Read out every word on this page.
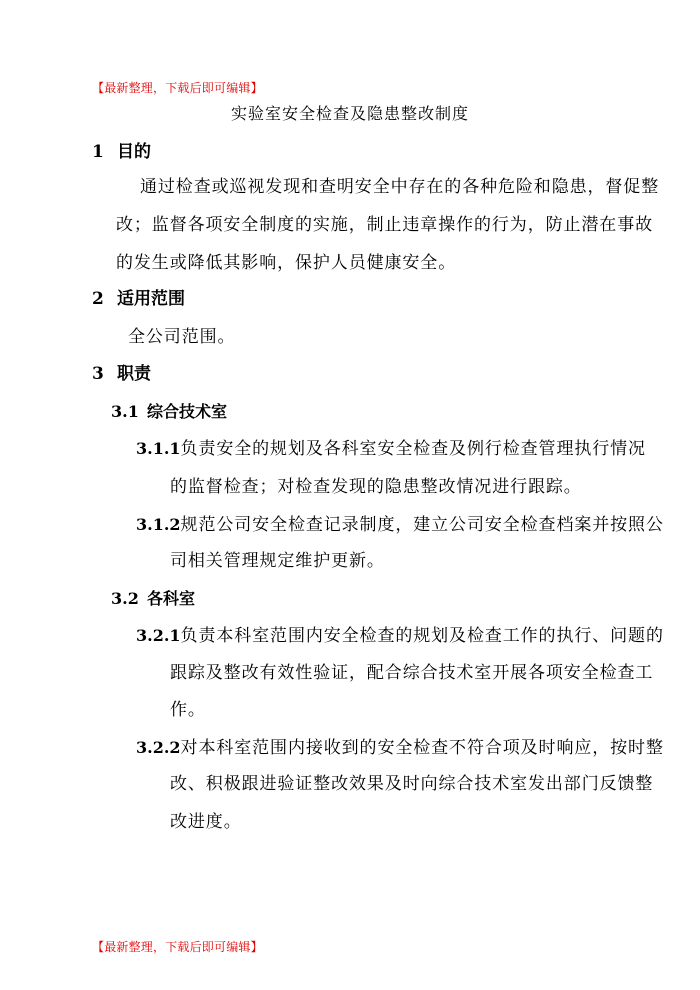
【最新整理，下载后即可编辑】
实验室安全检查及隐患整改制度
1 目的
通过检查或巡视发现和查明安全中存在的各种危险和隐患，督促整
改；监督各项安全制度的实施，制止违章操作的行为，防止潜在事故
的发生或降低其影响，保护人员健康安全。
2 适用范围
全公司范围。
3 职责
3.1 综合技术室
3.1.1负责安全的规划及各科室安全检查及例行检查管理执行情况
的监督检查；对检查发现的隐患整改情况进行跟踪。
3.1.2规范公司安全检查记录制度，建立公司安全检查档案并按照公
司相关管理规定维护更新。
3.2 各科室
3.2.1负责本科室范围内安全检查的规划及检查工作的执行、问题的
跟踪及整改有效性验证，配合综合技术室开展各项安全检查工
作。
3.2.2对本科室范围内接收到的安全检查不符合项及时响应，按时整
改、积极跟进验证整改效果及时向综合技术室发出部门反馈整
改进度。
【最新整理，下载后即可编辑】
